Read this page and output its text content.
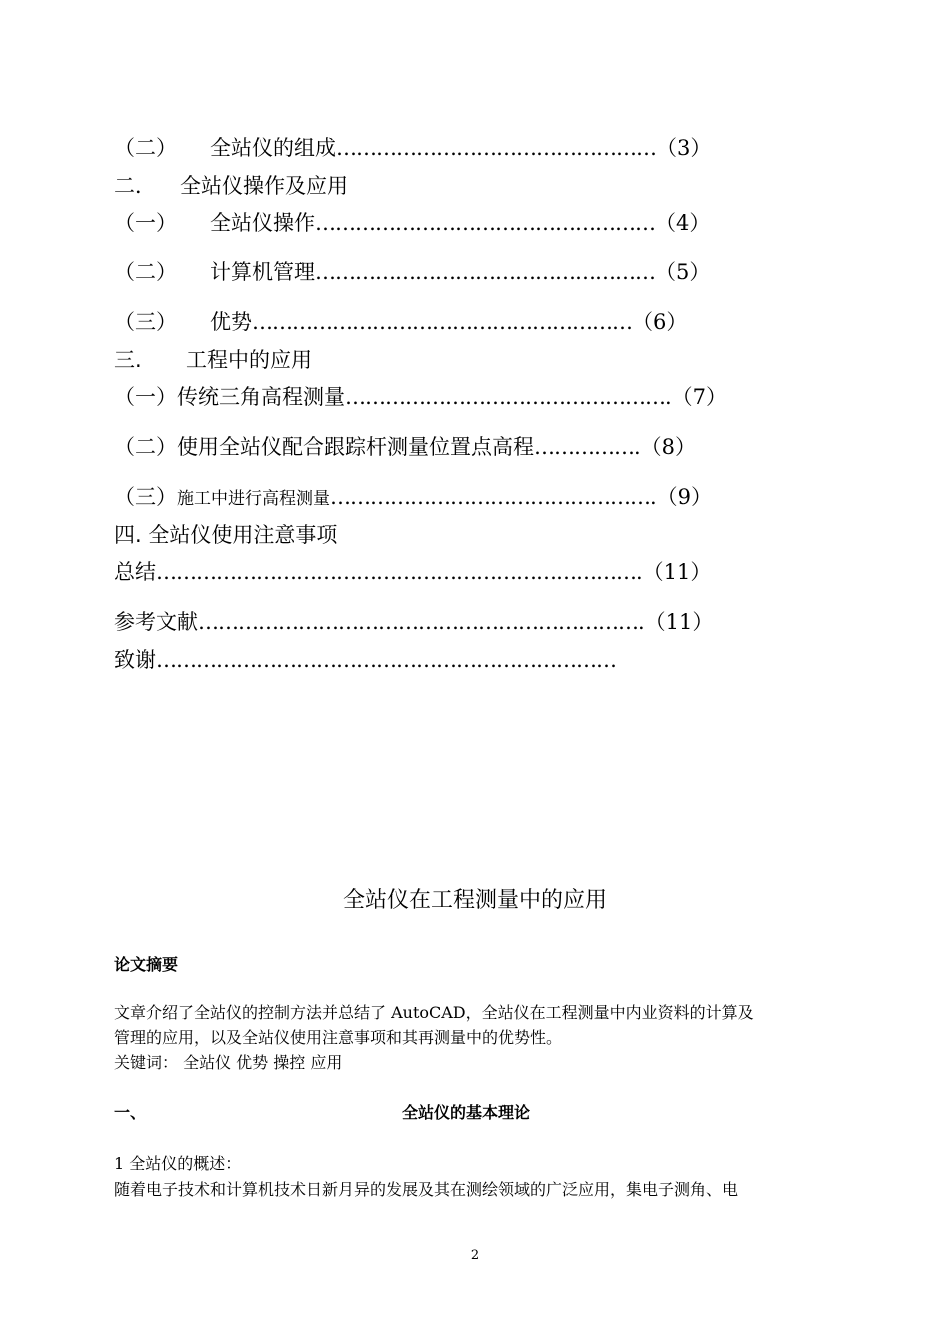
（二） 全站仪的组成…………………………………………（3）
二． 全站仪操作及应用
（一） 全站仪操作……………………………………………（4）
（二） 计算机管理……………………………………………（5）
（三） 优势…………………………………………………（6）
三. 工程中的应用
（一）传统三角高程测量………………………………………….（7）
（二）使用全站仪配合跟踪杆测量位置点高程…………….（8）
（三）施工中进行高程测量………………………………………….（9）
四. 全站仪使用注意事项
总结……………………………………………………………….（11）
参考文献………………………………………………………….（11）
致谢……………………………………………………………
全站仪在工程测量中的应用
论文摘要
文章介绍了全站仪的控制方法并总结了 AutoCAD，全站仪在工程测量中内业资料的计算及
管理的应用，以及全站仪使用注意事项和其再测量中的优势性。
关键词： 全站仪 优势 操控 应用
一、	全站仪的基本理论
1 全站仪的概述：
随着电子技术和计算机技术日新月异的发展及其在测绘领域的广泛应用，集电子测角、电
2
